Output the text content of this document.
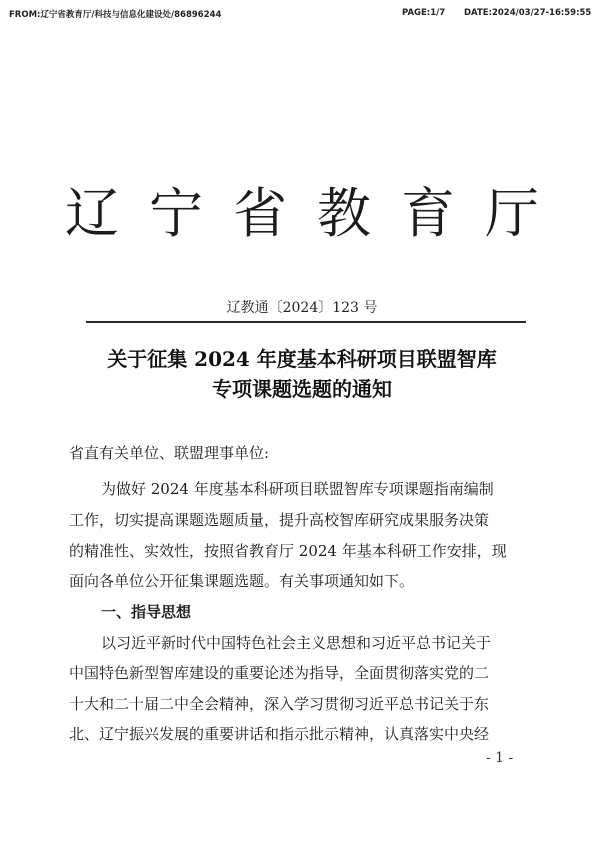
FROM:辽宁省教育厅/科技与信息化建设处/86896244	PAGE:1/7 DATE:2024/03/27-16:59:55
辽宁省教育厅
辽教通〔2024〕123 号
关于征集 2024 年度基本科研项目联盟智库
专项课题选题的通知
省直有关单位、联盟理事单位:
为做好 2024 年度基本科研项目联盟智库专项课题指南编制
工作，切实提高课题选题质量，提升高校智库研究成果服务决策
的精准性、实效性，按照省教育厅 2024 年基本科研工作安排，现
面向各单位公开征集课题选题。有关事项通知如下。
一、指导思想
以习近平新时代中国特色社会主义思想和习近平总书记关于
中国特色新型智库建设的重要论述为指导，全面贯彻落实党的二
十大和二十届二中全会精神，深入学习贯彻习近平总书记关于东
北、辽宁振兴发展的重要讲话和指示批示精神，认真落实中央经
- 1 -
